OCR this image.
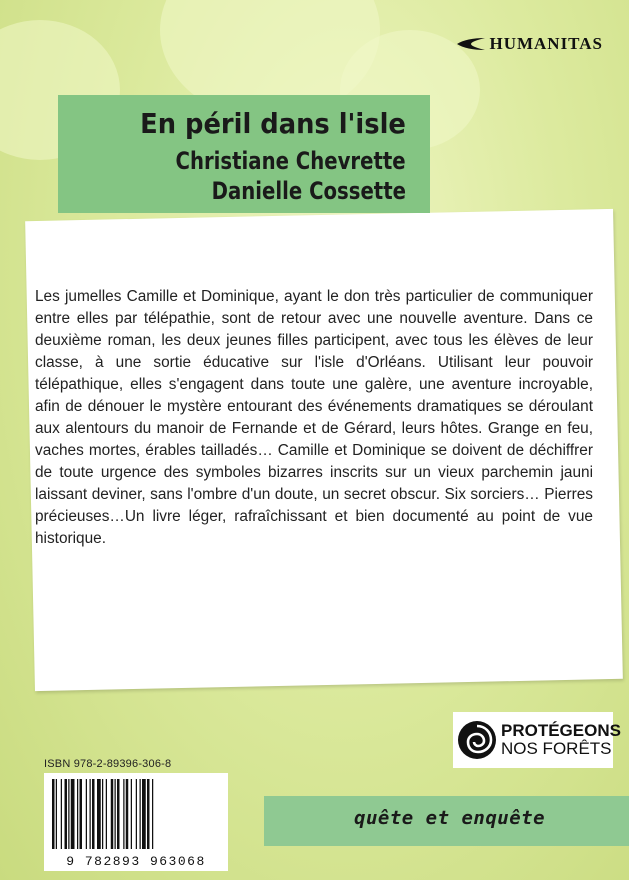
HUMANITAS
En péril dans l'isle
Christiane Chevrette
Danielle Cossette

Les jumelles Camille et Dominique, ayant le don très particulier de communiquer entre elles par télépathie, sont de retour avec une nouvelle aventure. Dans ce deuxième roman, les deux jeunes filles participent, avec tous les élèves de leur classe, à une sortie éducative sur l'isle d'Orléans. Utilisant leur pouvoir télépathique, elles s'engagent dans toute une galère, une aventure incroyable, afin de dénouer le mystère entourant des événements dramatiques se déroulant aux alentours du manoir de Fernande et de Gérard, leurs hôtes. Grange en feu, vaches mortes, érables tailladés… Camille et Dominique se doivent de déchiffrer de toute urgence des symboles bizarres inscrits sur un vieux parchemin jauni laissant deviner, sans l'ombre d'un doute, un secret obscur. Six sorciers… Pierres précieuses…Un livre léger, rafraîchissant et bien documenté au point de vue historique.

PROTÉGEONS
NOS FORÊTS
ISBN 978-2-89396-306-8
9 782893 963068
quête et enquête
